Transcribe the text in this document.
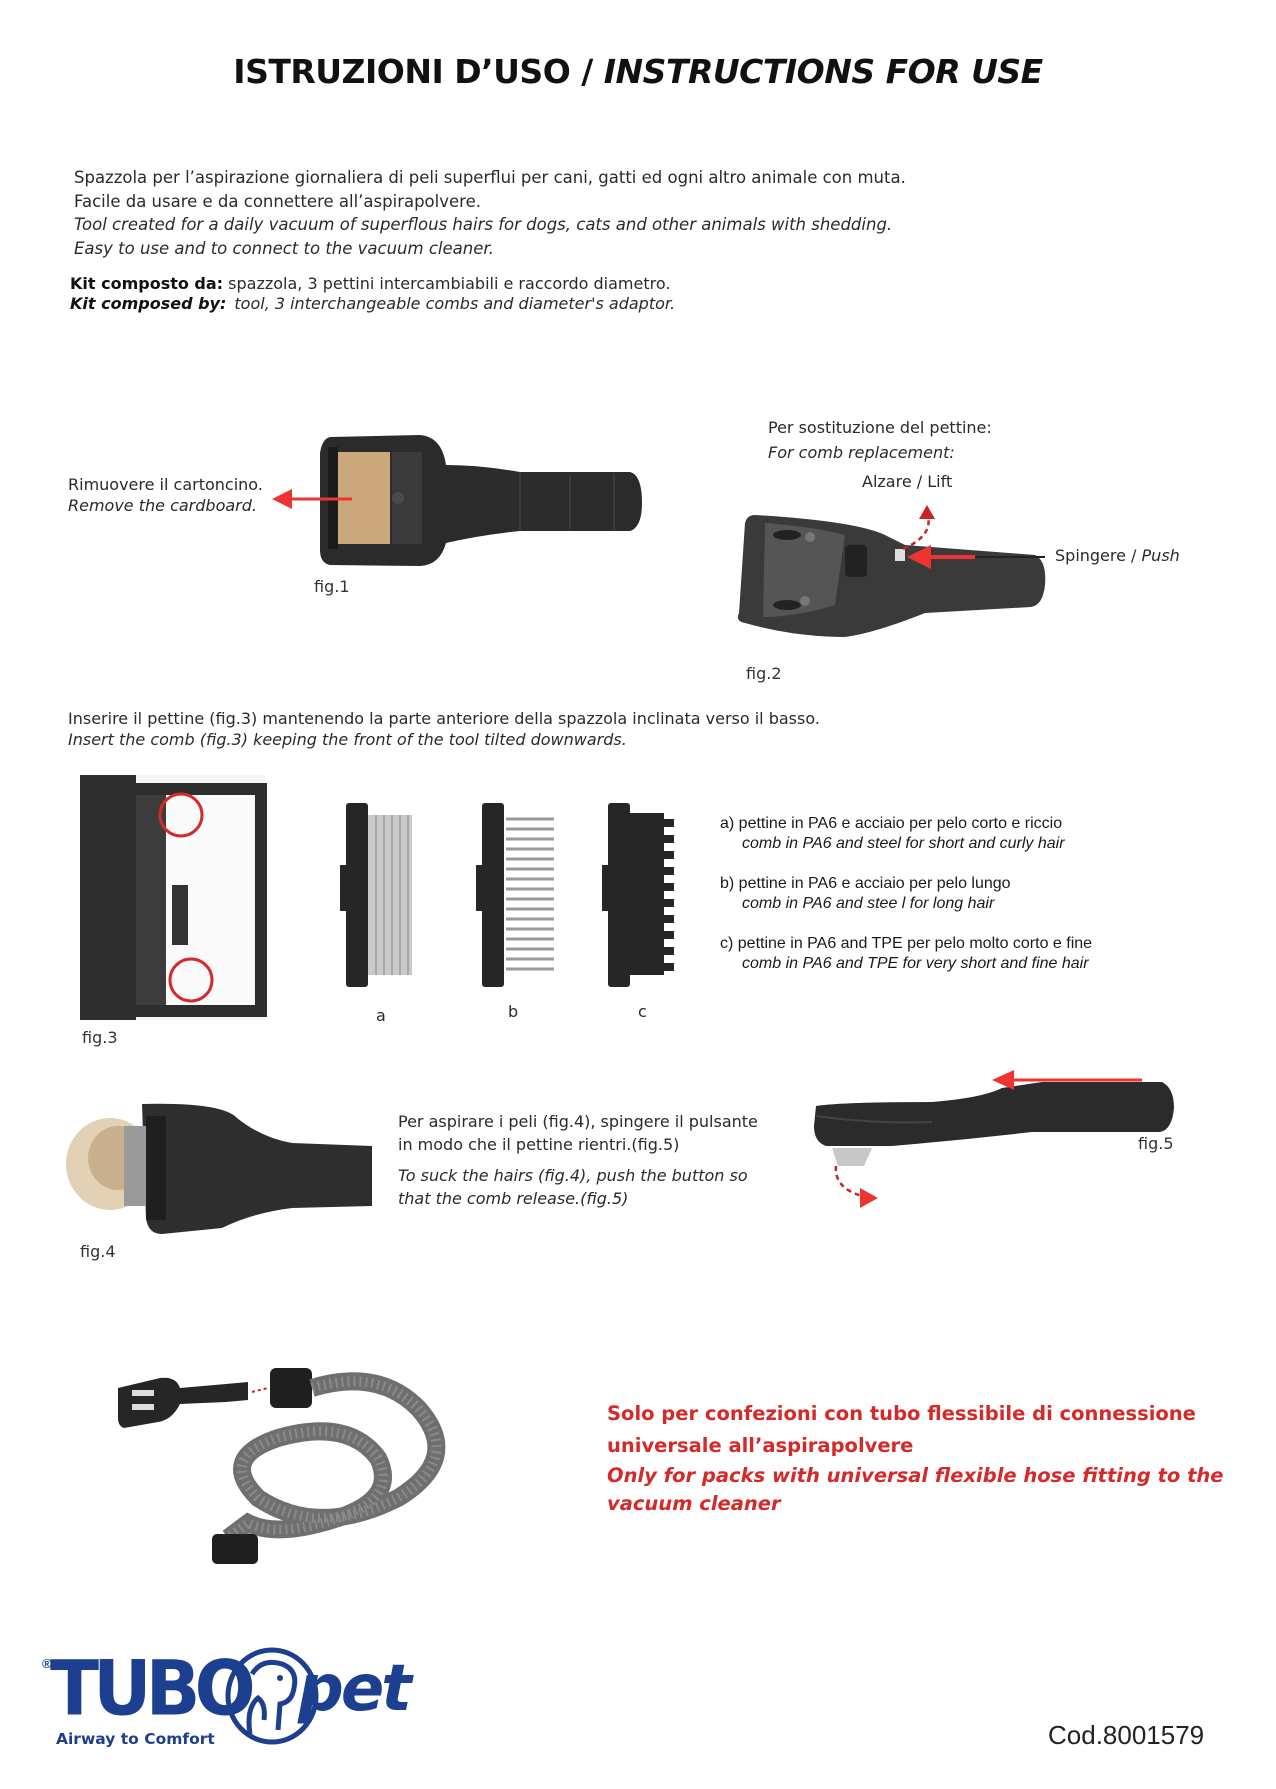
ISTRUZIONI D’USO / INSTRUCTIONS FOR USE
Spazzola per l’aspirazione giornaliera di peli superflui per cani, gatti ed ogni altro animale con muta.
Facile da usare e da connettere all’aspirapolvere.
Tool created for a daily vacuum of superflous hairs for dogs, cats and other animals with shedding.
Easy to use and to connect to the vacuum cleaner.
Kit composto da: spazzola, 3 pettini intercambiabili e raccordo diametro.
Kit composed by: tool, 3 interchangeable combs and diameter's adaptor.
Rimuovere il cartoncino.
Remove the cardboard.
fig.1
Per sostituzione del pettine:
For comb replacement:
Alzare / Lift
Spingere / Push
fig.2
Inserire il pettine (fig.3) mantenendo la parte anteriore della spazzola inclinata verso il basso.
Insert the comb (fig.3) keeping the front of the tool tilted downwards.
fig.3
a	b	c
a) pettine in PA6 e acciaio per pelo corto e riccio
comb in PA6 and steel for short and curly hair
b) pettine in PA6 e acciaio per pelo lungo
comb in PA6 and stee l for long hair
c) pettine in PA6 and TPE per pelo molto corto e fine
comb in PA6 and TPE for very short and fine hair
fig.4
Per aspirare i peli (fig.4), spingere il pulsante
in modo che il pettine rientri.(fig.5)
To suck the hairs (fig.4), push the button so
that the comb release.(fig.5)
fig.5
Solo per confezioni con tubo flessibile di connessione
universale all’aspirapolvere
Only for packs with universal flexible hose fitting to the
vacuum cleaner
®
TUBO pet
Airway to Comfort	Cod.8001579
